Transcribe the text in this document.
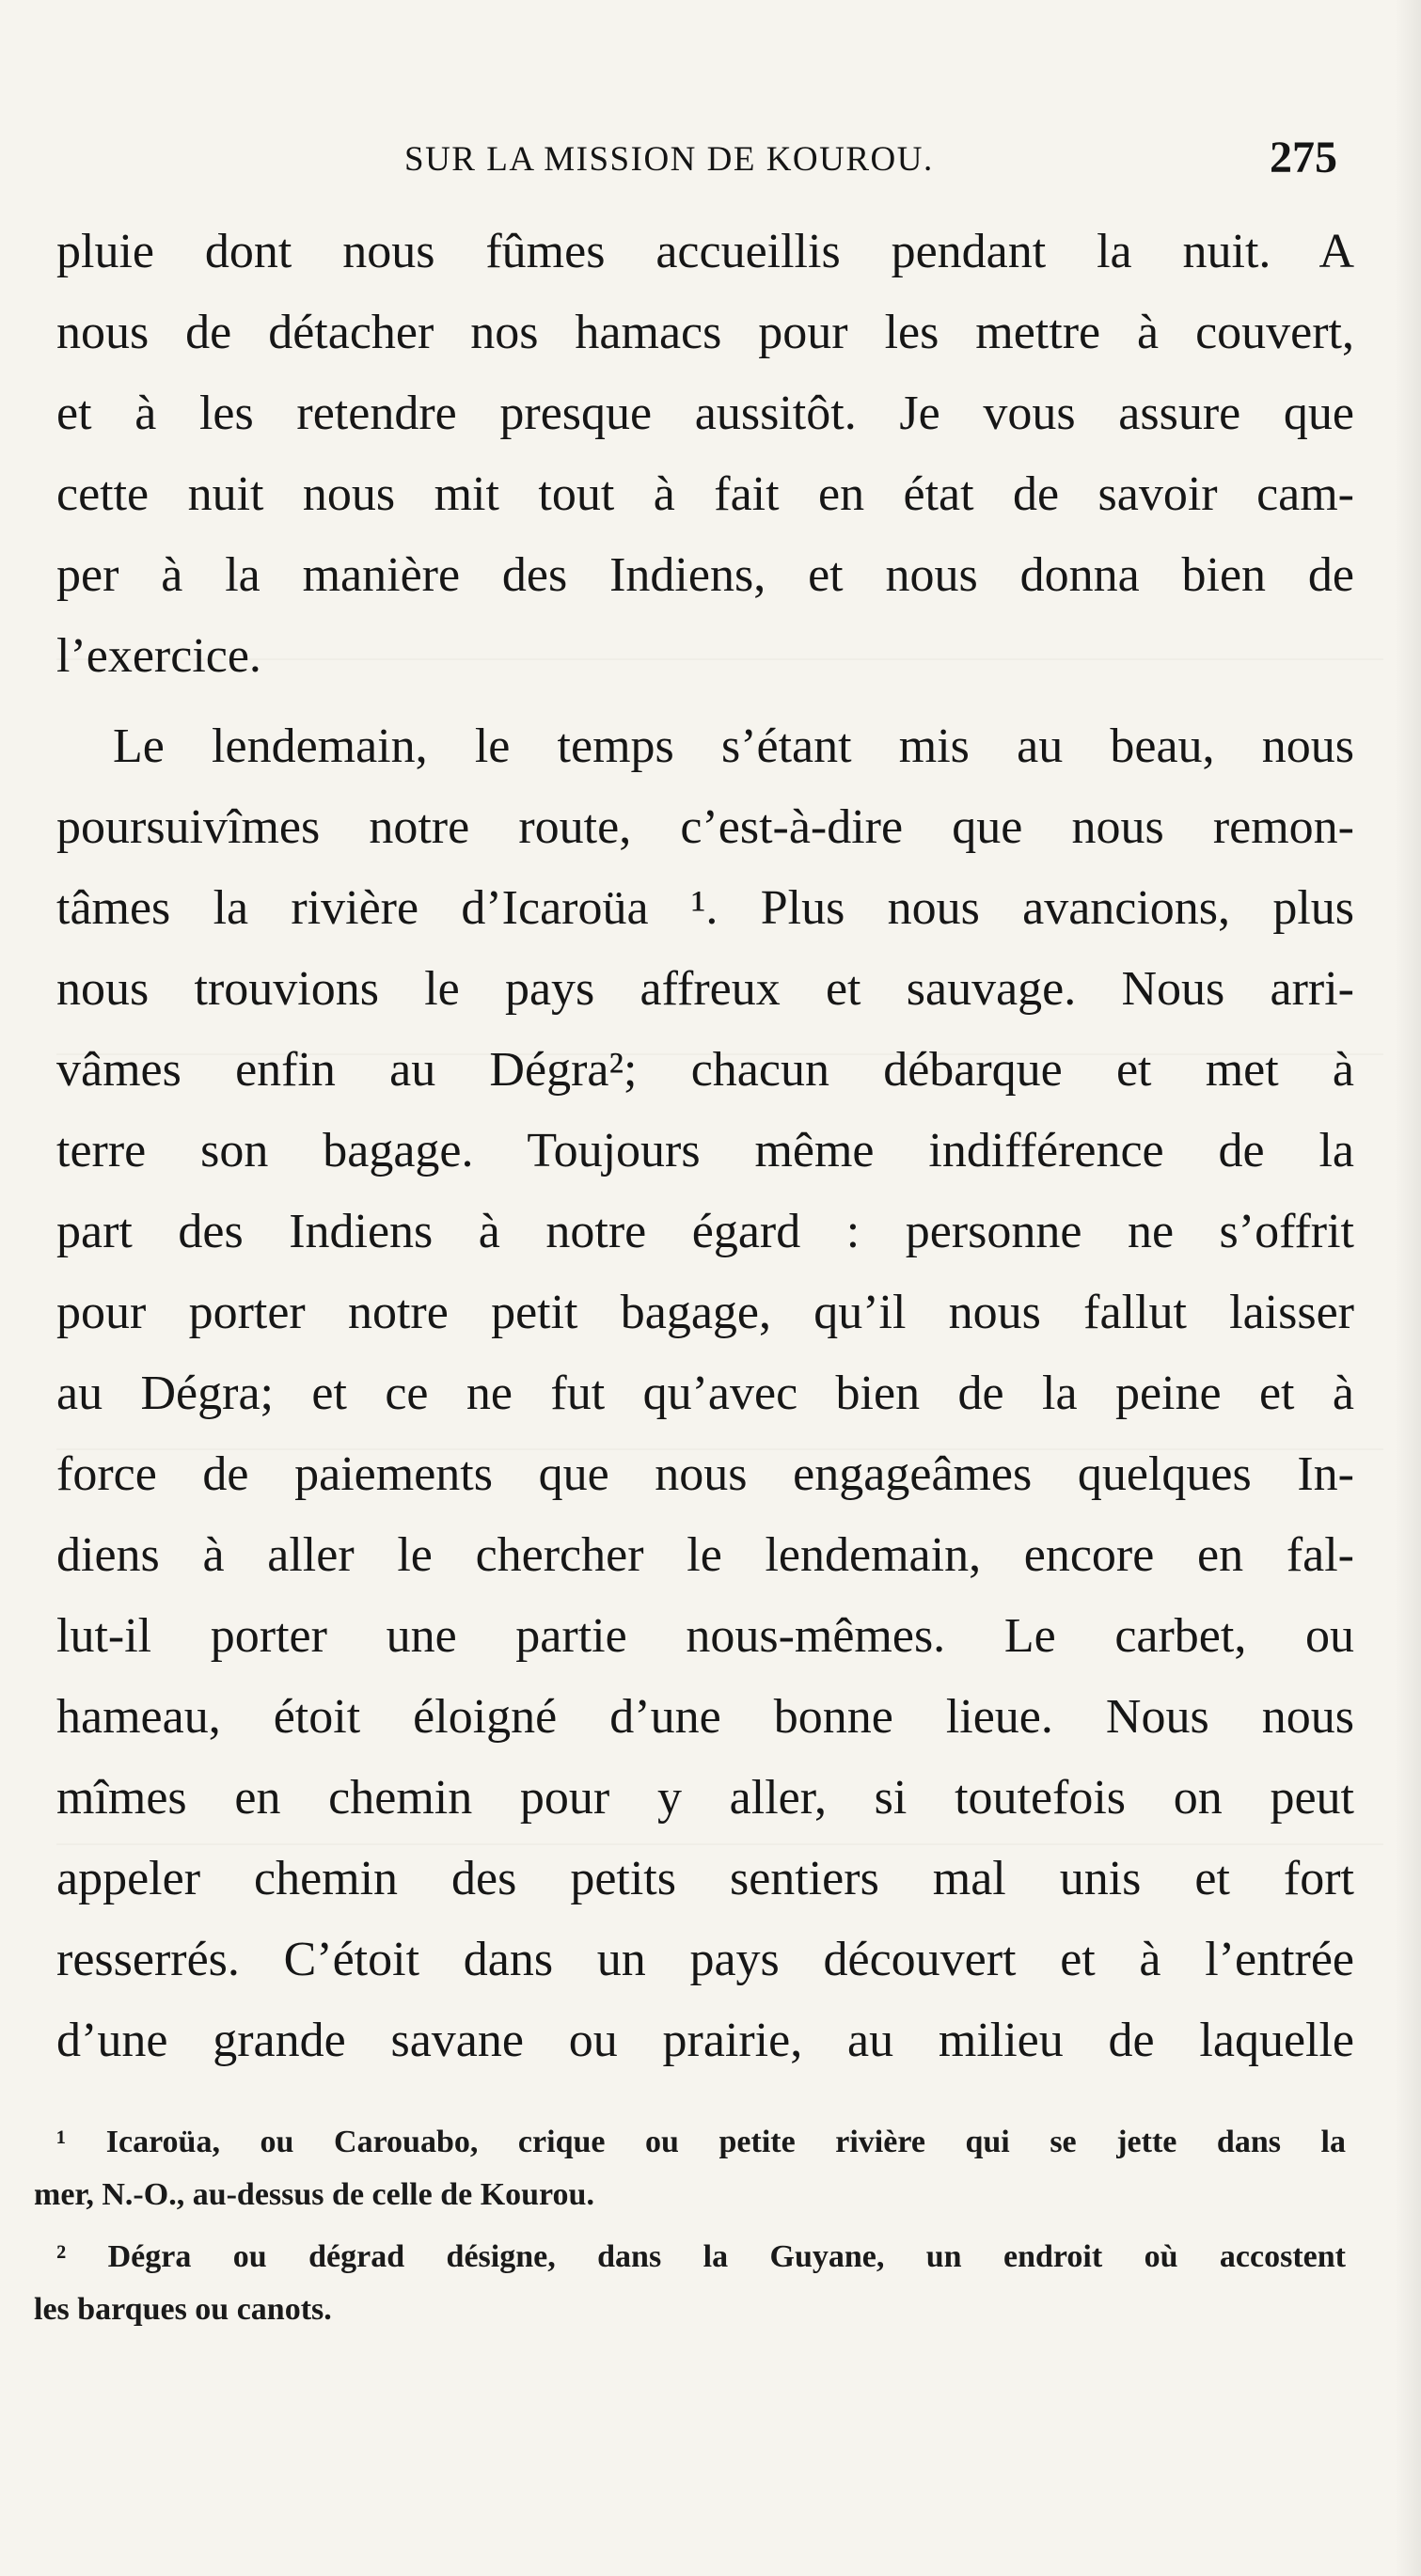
SUR LA MISSION DE KOUROU.	275
pluie dont nous fûmes accueillis pendant la nuit. A
nous de détacher nos hamacs pour les mettre à couvert,
et à les retendre presque aussitôt. Je vous assure que
cette nuit nous mit tout à fait en état de savoir cam-
per à la manière des Indiens, et nous donna bien de
l’exercice.
Le lendemain, le temps s’étant mis au beau, nous
poursuivîmes notre route, c’est-à-dire que nous remon-
tâmes la rivière d’Icaroüa ¹. Plus nous avancions, plus
nous trouvions le pays affreux et sauvage. Nous arri-
vâmes enfin au Dégra²; chacun débarque et met à
terre son bagage. Toujours même indifférence de la
part des Indiens à notre égard : personne ne s’offrit
pour porter notre petit bagage, qu’il nous fallut laisser
au Dégra; et ce ne fut qu’avec bien de la peine et à
force de paiements que nous engageâmes quelques In-
diens à aller le chercher le lendemain, encore en fal-
lut-il porter une partie nous-mêmes. Le carbet, ou
hameau, étoit éloigné d’une bonne lieue. Nous nous
mîmes en chemin pour y aller, si toutefois on peut
appeler chemin des petits sentiers mal unis et fort
resserrés. C’étoit dans un pays découvert et à l’entrée
d’une grande savane ou prairie, au milieu de laquelle
¹ Icaroüa, ou Carouabo, crique ou petite rivière qui se jette dans la
mer, N.-O., au-dessus de celle de Kourou.
² Dégra ou dégrad désigne, dans la Guyane, un endroit où accostent
les barques ou canots.
